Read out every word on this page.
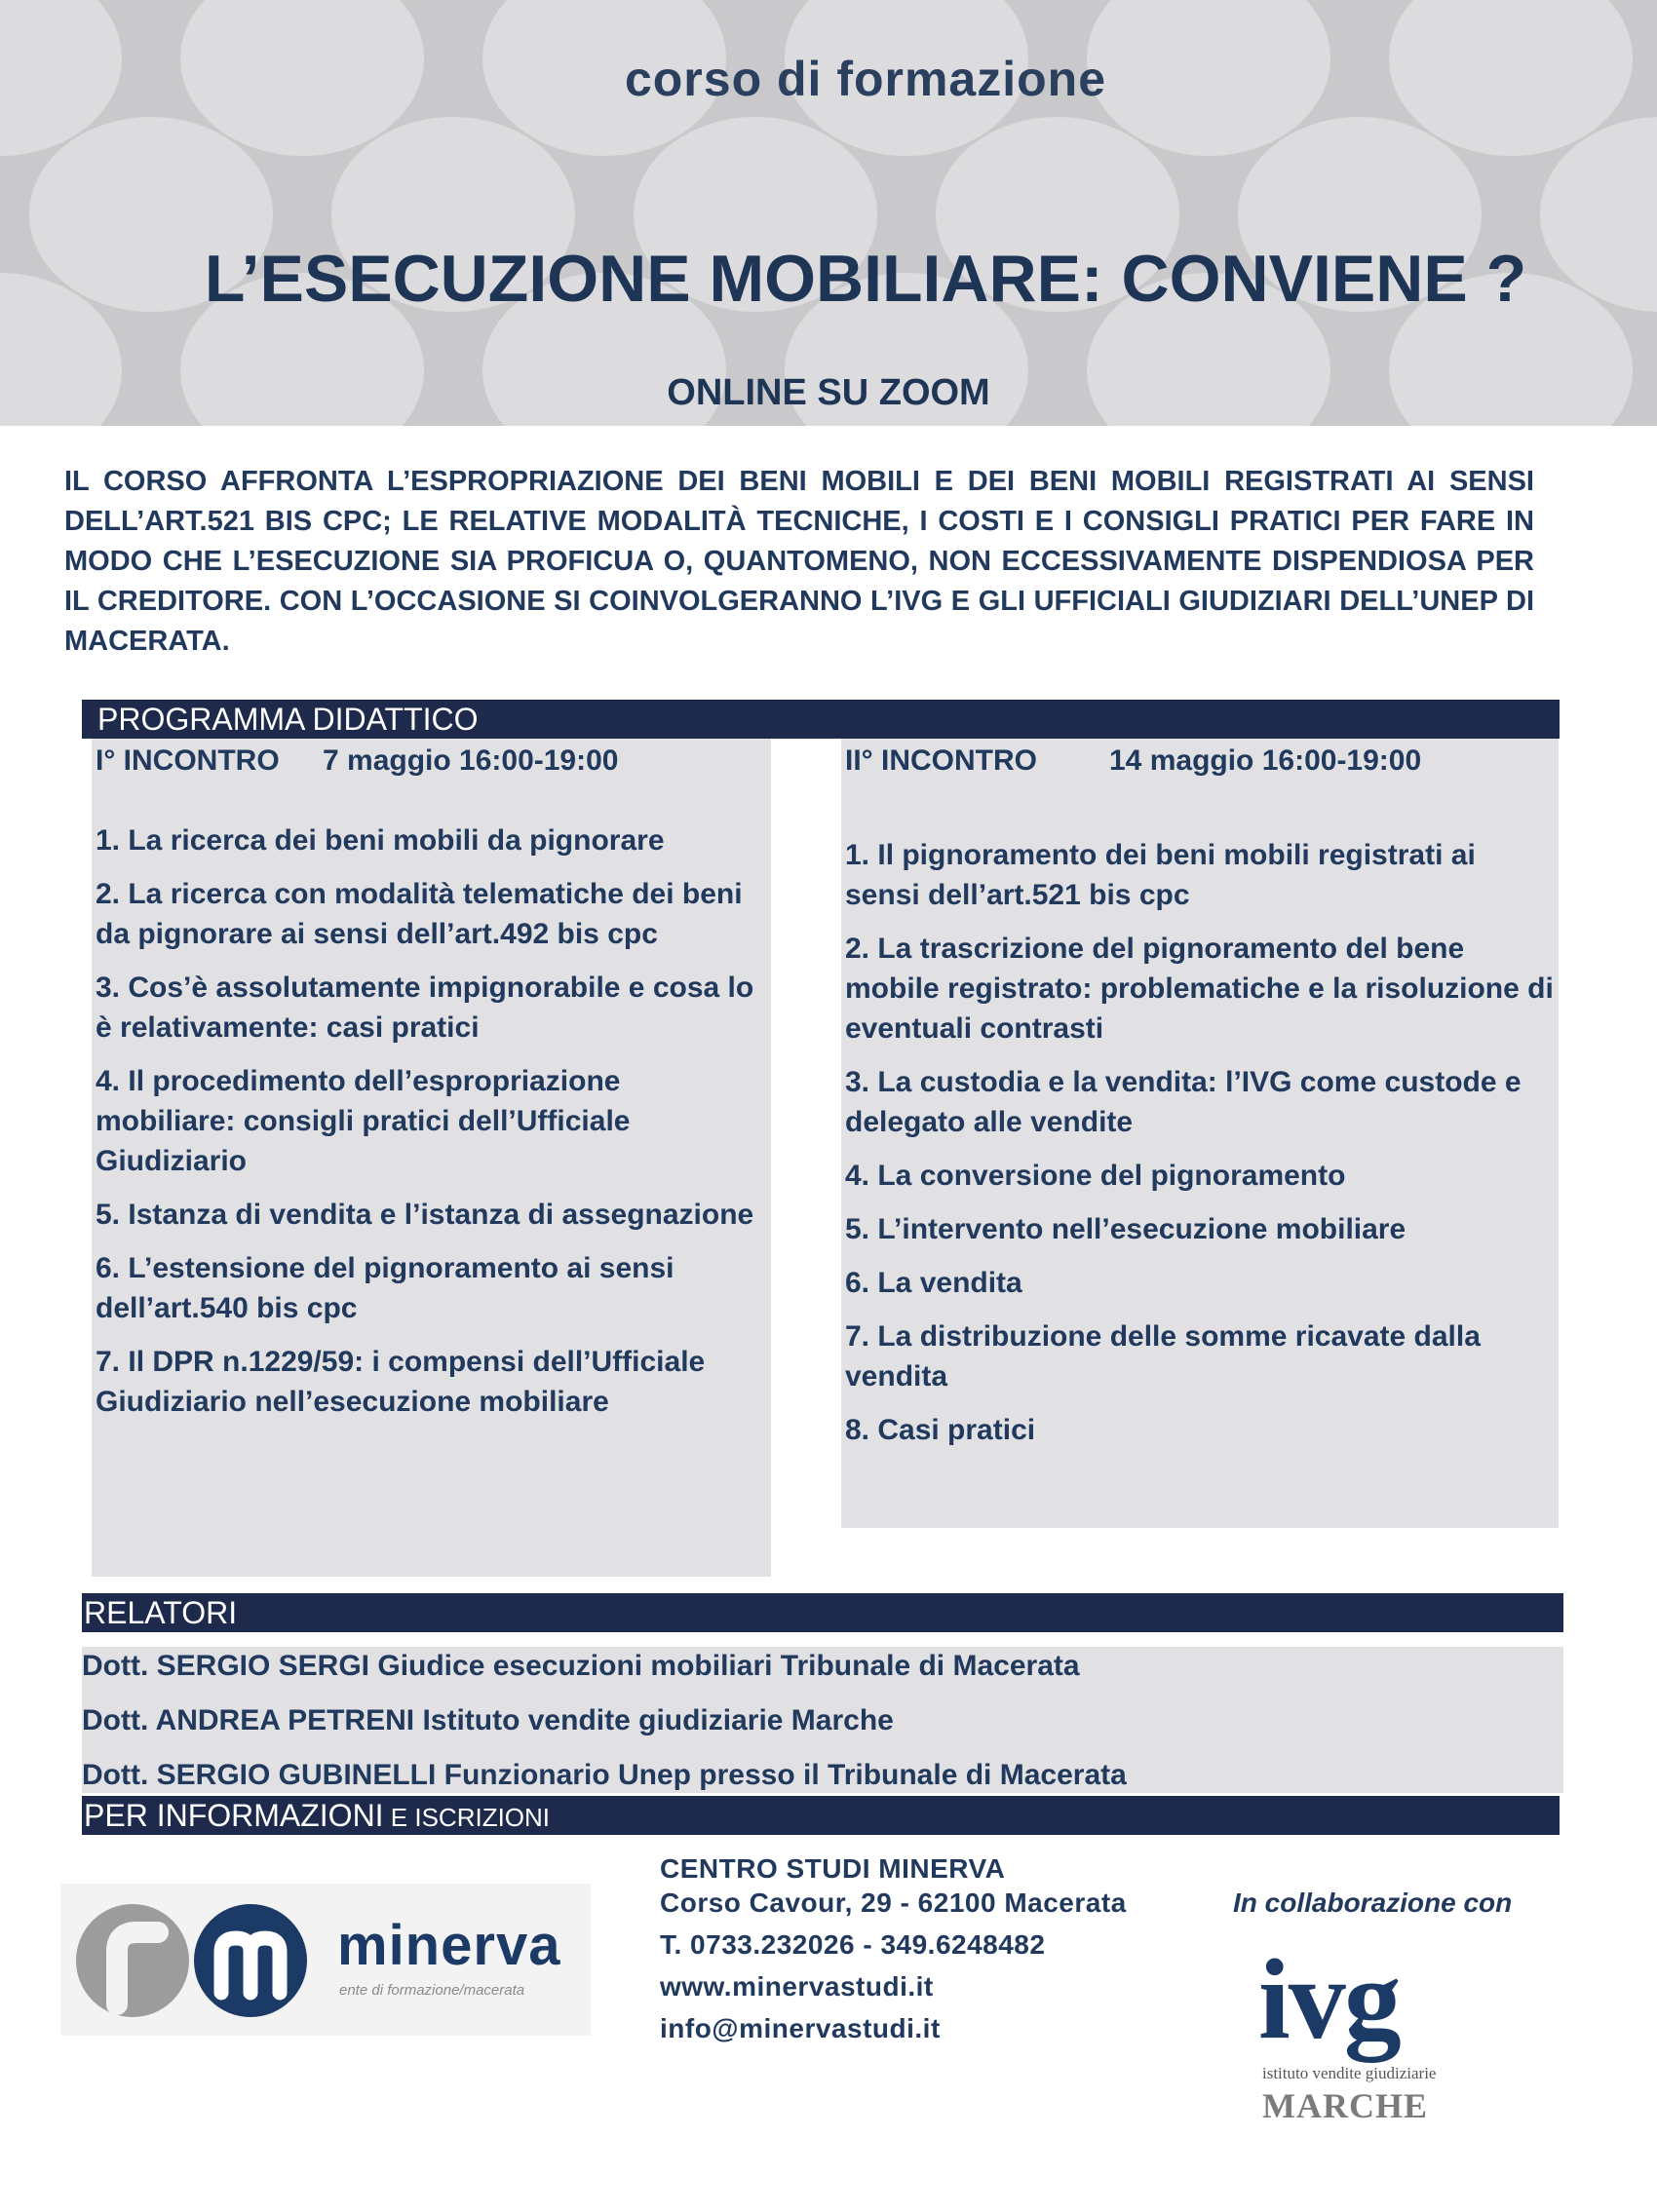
corso di formazione
L’ESECUZIONE MOBILIARE: CONVIENE ?
ONLINE SU ZOOM
IL CORSO AFFRONTA L’ESPROPRIAZIONE DEI BENI MOBILI E DEI BENI MOBILI REGISTRATI AI SENSI DELL’ART.521 BIS CPC; LE RELATIVE MODALITÀ TECNICHE, I COSTI E I CONSIGLI PRATICI PER FARE IN MODO CHE L’ESECUZIONE SIA PROFICUA O, QUANTOMENO, NON ECCESSIVAMENTE DISPENDIOSA PER IL CREDITORE. CON L’OCCASIONE SI COINVOLGERANNO L’IVG E GLI UFFICIALI GIUDIZIARI DELL’UNEP DI MACERATA.
PROGRAMMA DIDATTICO
I° INCONTRO 7 maggio 16:00-19:00	II° INCONTRO 14 maggio 16:00-19:00
1. La ricerca dei beni mobili da pignorare
2. La ricerca con modalità telematiche dei beni da pignorare ai sensi dell’art.492 bis cpc
3. Cos’è assolutamente impignorabile e cosa lo è relativamente: casi pratici
4. Il procedimento dell’espropriazione mobiliare: consigli pratici dell’Ufficiale Giudiziario
5. Istanza di vendita e l’istanza di assegnazione
6. L’estensione del pignoramento ai sensi dell’art.540 bis cpc
7. Il DPR n.1229/59: i compensi dell’Ufficiale Giudiziario nell’esecuzione mobiliare
1. Il pignoramento dei beni mobili registrati ai sensi dell’art.521 bis cpc
2. La trascrizione del pignoramento del bene mobile registrato: problematiche e la risoluzione di eventuali contrasti
3. La custodia e la vendita: l’IVG come custode e delegato alle vendite
4. La conversione del pignoramento
5. L’intervento nell’esecuzione mobiliare
6. La vendita
7. La distribuzione delle somme ricavate dalla vendita
8. Casi pratici
RELATORI
Dott. SERGIO SERGI Giudice esecuzioni mobiliari Tribunale di Macerata
Dott. ANDREA PETRENI Istituto vendite giudiziarie Marche
Dott. SERGIO GUBINELLI Funzionario Unep presso il Tribunale di Macerata
PER INFORMAZIONI E ISCRIZIONI
minerva
ente di formazione/macerata
CENTRO STUDI MINERVA
Corso Cavour, 29 - 62100 Macerata
T. 0733.232026 - 349.6248482
www.minervastudi.it
info@minervastudi.it
In collaborazione con
ivg
istituto vendite giudiziarie
MARCHE
